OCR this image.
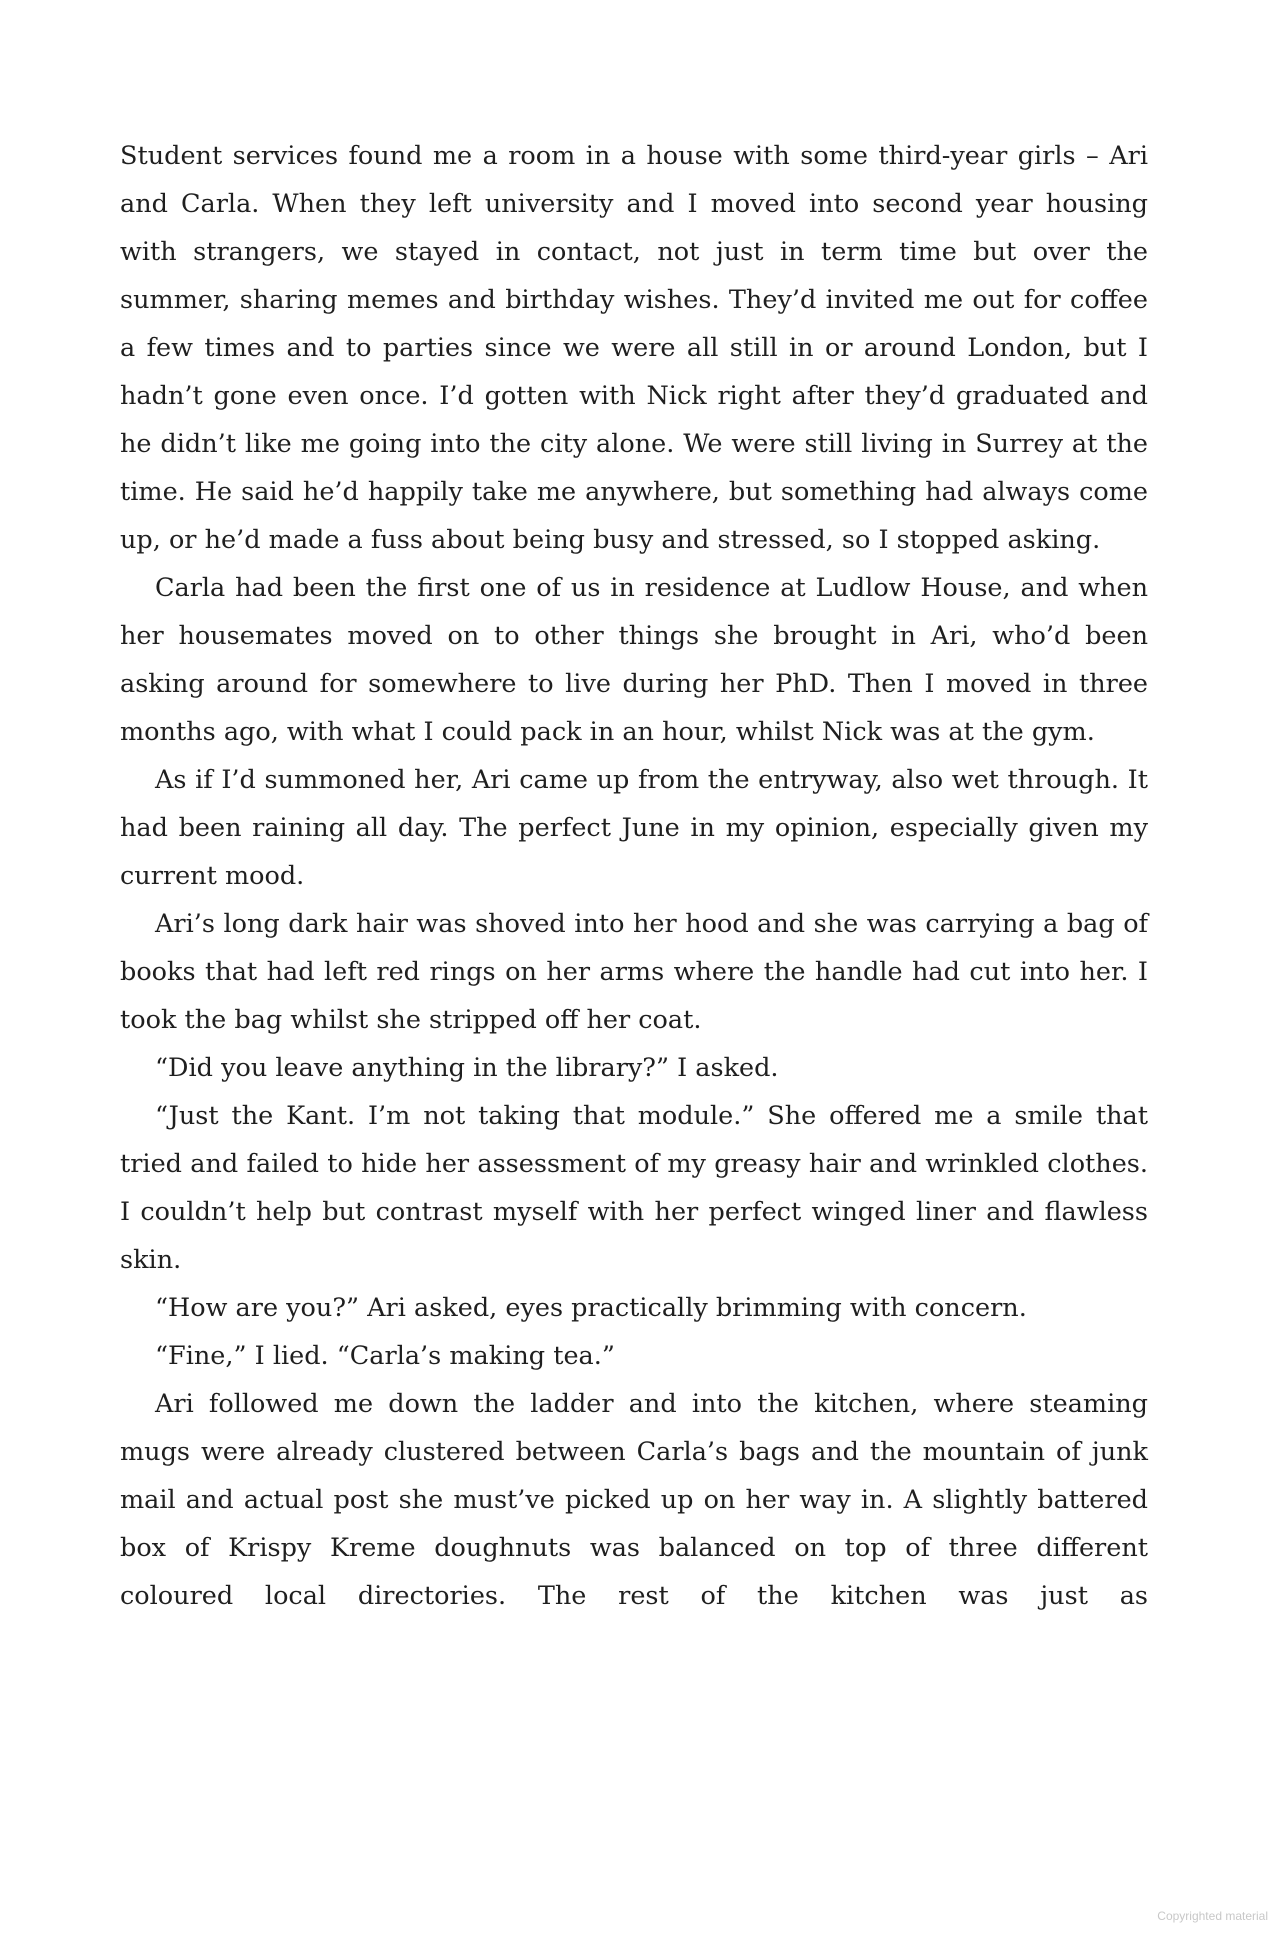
Student services found me a room in a house with some third-year girls – Ari and Carla. When they left university and I moved into second year housing with strangers, we stayed in contact, not just in term time but over the summer, sharing memes and birthday wishes. They’d invited me out for coffee a few times and to parties since we were all still in or around London, but I hadn’t gone even once. I’d gotten with Nick right after they’d graduated and he didn’t like me going into the city alone. We were still living in Surrey at the time. He said he’d happily take me anywhere, but something had always come up, or he’d made a fuss about being busy and stressed, so I stopped asking.

Carla had been the first one of us in residence at Ludlow House, and when her housemates moved on to other things she brought in Ari, who’d been asking around for somewhere to live during her PhD. Then I moved in three months ago, with what I could pack in an hour, whilst Nick was at the gym.

As if I’d summoned her, Ari came up from the entryway, also wet through. It had been raining all day. The perfect June in my opinion, especially given my current mood.

Ari’s long dark hair was shoved into her hood and she was carrying a bag of books that had left red rings on her arms where the handle had cut into her. I took the bag whilst she stripped off her coat.

“Did you leave anything in the library?” I asked.

“Just the Kant. I’m not taking that module.” She offered me a smile that tried and failed to hide her assessment of my greasy hair and wrinkled clothes. I couldn’t help but contrast myself with her perfect winged liner and flawless skin.

“How are you?” Ari asked, eyes practically brimming with concern.

“Fine,” I lied. “Carla’s making tea.”

Ari followed me down the ladder and into the kitchen, where steaming mugs were already clustered between Carla’s bags and the mountain of junk mail and actual post she must’ve picked up on her way in. A slightly battered box of Krispy Kreme doughnuts was balanced on top of three different coloured local directories. The rest of the kitchen was just as

Copyrighted material
